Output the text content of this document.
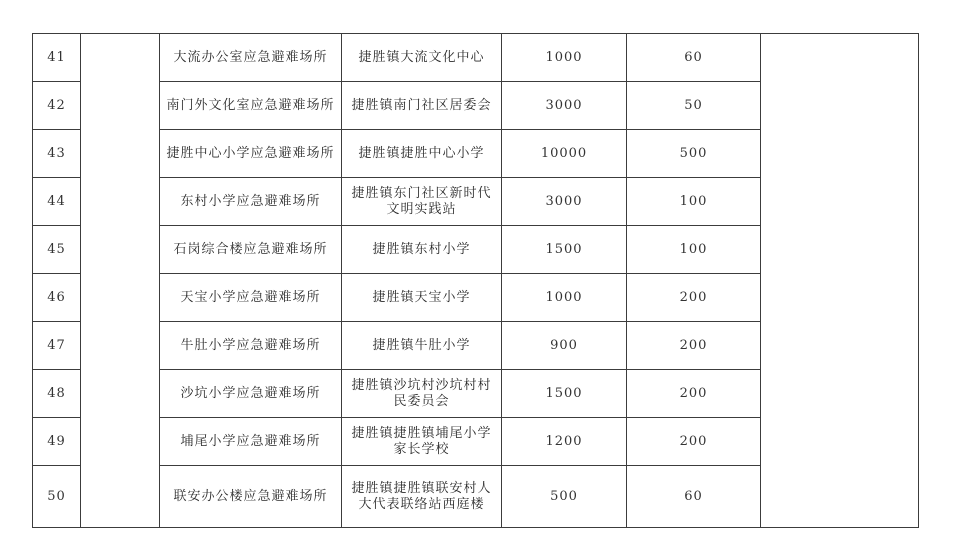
41		大流办公室应急避难场所	捷胜镇大流文化中心	1000	60	
42		南门外文化室应急避难场所	捷胜镇南门社区居委会	3000	50	
43		捷胜中心小学应急避难场所	捷胜镇捷胜中心小学	10000	500	
44		东村小学应急避难场所	捷胜镇东门社区新时代文明实践站	3000	100	
45		石岗综合楼应急避难场所	捷胜镇东村小学	1500	100	
46		天宝小学应急避难场所	捷胜镇天宝小学	1000	200	
47		牛肚小学应急避难场所	捷胜镇牛肚小学	900	200	
48		沙坑小学应急避难场所	捷胜镇沙坑村沙坑村村民委员会	1500	200	
49		埔尾小学应急避难场所	捷胜镇捷胜镇埔尾小学家长学校	1200	200	
50		联安办公楼应急避难场所	捷胜镇捷胜镇联安村人大代表联络站西庭楼	500	60	
